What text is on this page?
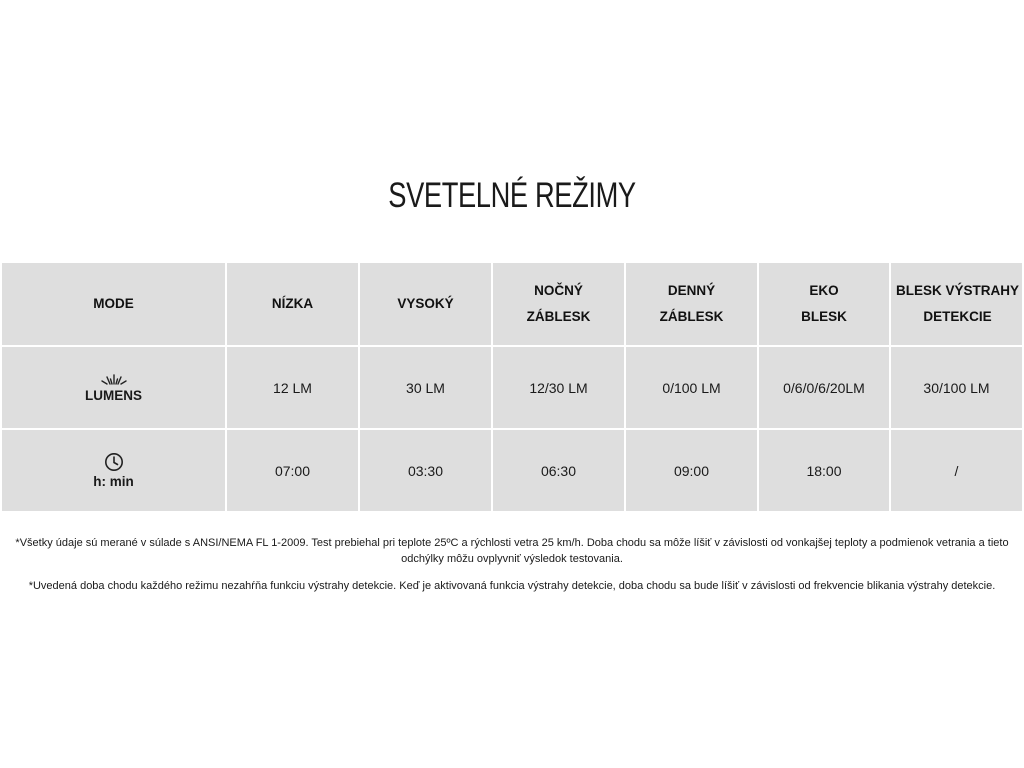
SVETELNÉ REŽIMY
MODE	NÍZKA	VYSOKÝ	NOČNÝ ZÁBLESK	DENNÝ ZÁBLESK	EKO BLESK	BLESK VÝSTRAHY DETEKCIE

LUMENS	12 LM	30 LM	12/30 LM	0/100 LM	0/6/0/6/20LM	30/100 LM

h: min	07:00	03:30	06:30	09:00	18:00	/
*Všetky údaje sú merané v súlade s ANSI/NEMA FL 1-2009. Test prebiehal pri teplote 25ºC a rýchlosti vetra 25 km/h. Doba chodu sa môže líšiť v závislosti od vonkajšej teploty a podmienok vetrania a tieto odchýlky môžu ovplyvniť výsledok testovania.
*Uvedená doba chodu každého režimu nezahŕňa funkciu výstrahy detekcie. Keď je aktivovaná funkcia výstrahy detekcie, doba chodu sa bude líšiť v závislosti od frekvencie blikania výstrahy detekcie.
